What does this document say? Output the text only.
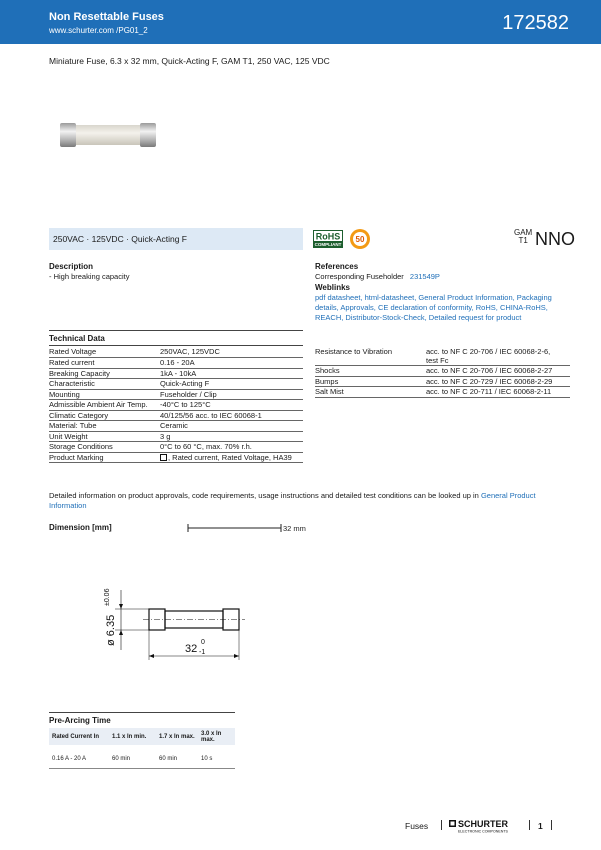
Non Resettable Fuses
www.schurter.com /PG01_2	172582
Miniature Fuse, 6.3 x 32 mm, Quick-Acting F, GAM T1, 250 VAC, 125 VDC
250VAC · 125VDC · Quick-Acting F	RoHS
COMPLIANT
50
GAM
T1 NNO
Description
- High breaking capacity
References
Corresponding Fuseholder 231549P
Weblinks
pdf datasheet, html-datasheet, General Product Information, Packaging details, Approvals, CE declaration of conformity, RoHS, CHINA-RoHS, REACH, Distributor-Stock-Check, Detailed request for product
Technical Data
Rated Voltage	250VAC, 125VDC
Rated current	0.16 - 20A
Breaking Capacity	1kA - 10kA
Characteristic	Quick-Acting F
Mounting	Fuseholder / Clip
Admissible Ambient Air Temp.	-40°C to 125°C
Climatic Category	40/125/56 acc. to IEC 60068-1
Material: Tube	Ceramic
Unit Weight	3 g
Storage Conditions	0°C to 60 °C, max. 70% r.h.
Product Marking	, Rated current, Rated Voltage, HA39
Resistance to Vibration	acc. to NF C 20-706 / IEC 60068-2-6,
test Fc

Shocks	acc. to NF C 20-706 / IEC 60068-2-27
Bumps	acc. to NF C 20-729 / IEC 60068-2-29
Salt Mist	acc. to NF C 20-711 / IEC 60068-2-11
Detailed information on product approvals, code requirements, usage instructions and detailed test conditions can be looked up in General Product Information
Dimension [mm]	32 mm
ø 6.35
±0.06
32
0
-1
Pre-Arcing Time
Rated Current In	1.1 x In min.	1.7 x In max.	3.0 x In max.

0.16 A - 20 A	60 min	60 min	10 s
Fuses	SCHURTER
ELECTRONIC COMPONENTS
1
